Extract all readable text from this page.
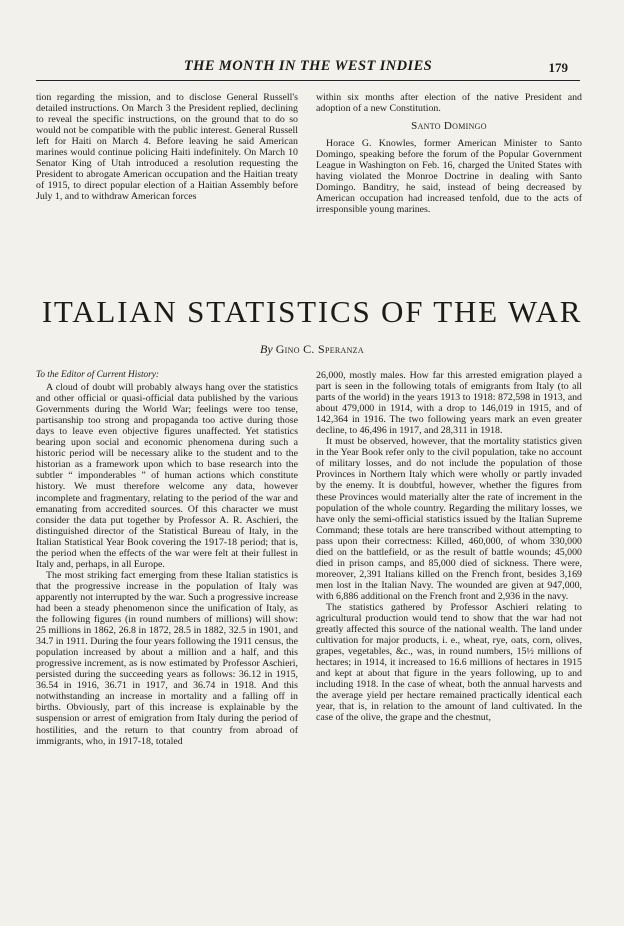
THE MONTH IN THE WEST INDIES	179

tion regarding the mission, and to disclose General Russell's detailed instructions. On March 3 the President replied, declining to reveal the specific instructions, on the ground that to do so would not be compatible with the public interest. General Russell left for Haiti on March 4. Before leaving he said American marines would continue policing Haiti indefinitely. On March 10 Senator King of Utah introduced a resolution requesting the President to abrogate American occupation and the Haitian treaty of 1915, to direct popular election of a Haitian Assembly before July 1, and to withdraw American forces

within six months after election of the native President and adoption of a new Constitution.

Santo Domingo

Horace G. Knowles, former American Minister to Santo Domingo, speaking before the forum of the Popular Government League in Washington on Feb. 16, charged the United States with having violated the Monroe Doctrine in dealing with Santo Domingo. Banditry, he said, instead of being decreased by American occupation had increased tenfold, due to the acts of irresponsible young marines.

ITALIAN STATISTICS OF THE WAR
By Gino C. Speranza
To the Editor of Current History:

A cloud of doubt will probably always hang over the statistics and other official or quasi-official data published by the various Governments during the World War; feelings were too tense, partisanship too strong and propaganda too active during those days to leave even objective figures unaffected. Yet statistics bearing upon social and economic phenomena during such a historic period will be necessary alike to the student and to the historian as a framework upon which to base research into the subtler “ imponderables ” of human actions which constitute history. We must therefore welcome any data, however incomplete and fragmentary, relating to the period of the war and emanating from accredited sources. Of this character we must consider the data put together by Professor A. R. Aschieri, the distinguished director of the Statistical Bureau of Italy, in the Italian Statistical Year Book covering the 1917-18 period; that is, the period when the effects of the war were felt at their fullest in Italy and, perhaps, in all Europe.

The most striking fact emerging from these Italian statistics is that the progressive increase in the population of Italy was apparently not interrupted by the war. Such a progressive increase had been a steady phenomenon since the unification of Italy, as the following figures (in round numbers of millions) will show: 25 millions in 1862, 26.8 in 1872, 28.5 in 1882, 32.5 in 1901, and 34.7 in 1911. During the four years following the 1911 census, the population increased by about a million and a half, and this progressive increment, as is now estimated by Professor Aschieri, persisted during the succeeding years as follows: 36.12 in 1915, 36.54 in 1916, 36.71 in 1917, and 36.74 in 1918. And this notwithstanding an increase in mortality and a falling off in births. Obviously, part of this increase is explainable by the suspension or arrest of emigration from Italy during the period of hostilities, and the return to that country from abroad of immigrants, who, in 1917-18, totaled

26,000, mostly males. How far this arrested emigration played a part is seen in the following totals of emigrants from Italy (to all parts of the world) in the years 1913 to 1918: 872,598 in 1913, and about 479,000 in 1914, with a drop to 146,019 in 1915, and of 142,364 in 1916. The two following years mark an even greater decline, to 46,496 in 1917, and 28,311 in 1918.

It must be observed, however, that the mortality statistics given in the Year Book refer only to the civil population, take no account of military losses, and do not include the population of those Provinces in Northern Italy which were wholly or partly invaded by the enemy. It is doubtful, however, whether the figures from these Provinces would materially alter the rate of increment in the population of the whole country. Regarding the military losses, we have only the semi-official statistics issued by the Italian Supreme Command; these totals are here transcribed without attempting to pass upon their correctness: Killed, 460,000, of whom 330,000 died on the battlefield, or as the result of battle wounds; 45,000 died in prison camps, and 85,000 died of sickness. There were, moreover, 2,391 Italians killed on the French front, besides 3,169 men lost in the Italian Navy. The wounded are given at 947,000, with 6,886 additional on the French front and 2,936 in the navy.

The statistics gathered by Professor Aschieri relating to agricultural production would tend to show that the war had not greatly affected this source of the national wealth. The land under cultivation for major products, i. e., wheat, rye, oats, corn, olives, grapes, vegetables, &c., was, in round numbers, 15½ millions of hectares; in 1914, it increased to 16.6 millions of hectares in 1915 and kept at about that figure in the years following, up to and including 1918. In the case of wheat, both the annual harvests and the average yield per hectare remained practically identical each year, that is, in relation to the amount of land cultivated. In the case of the olive, the grape and the chestnut,
